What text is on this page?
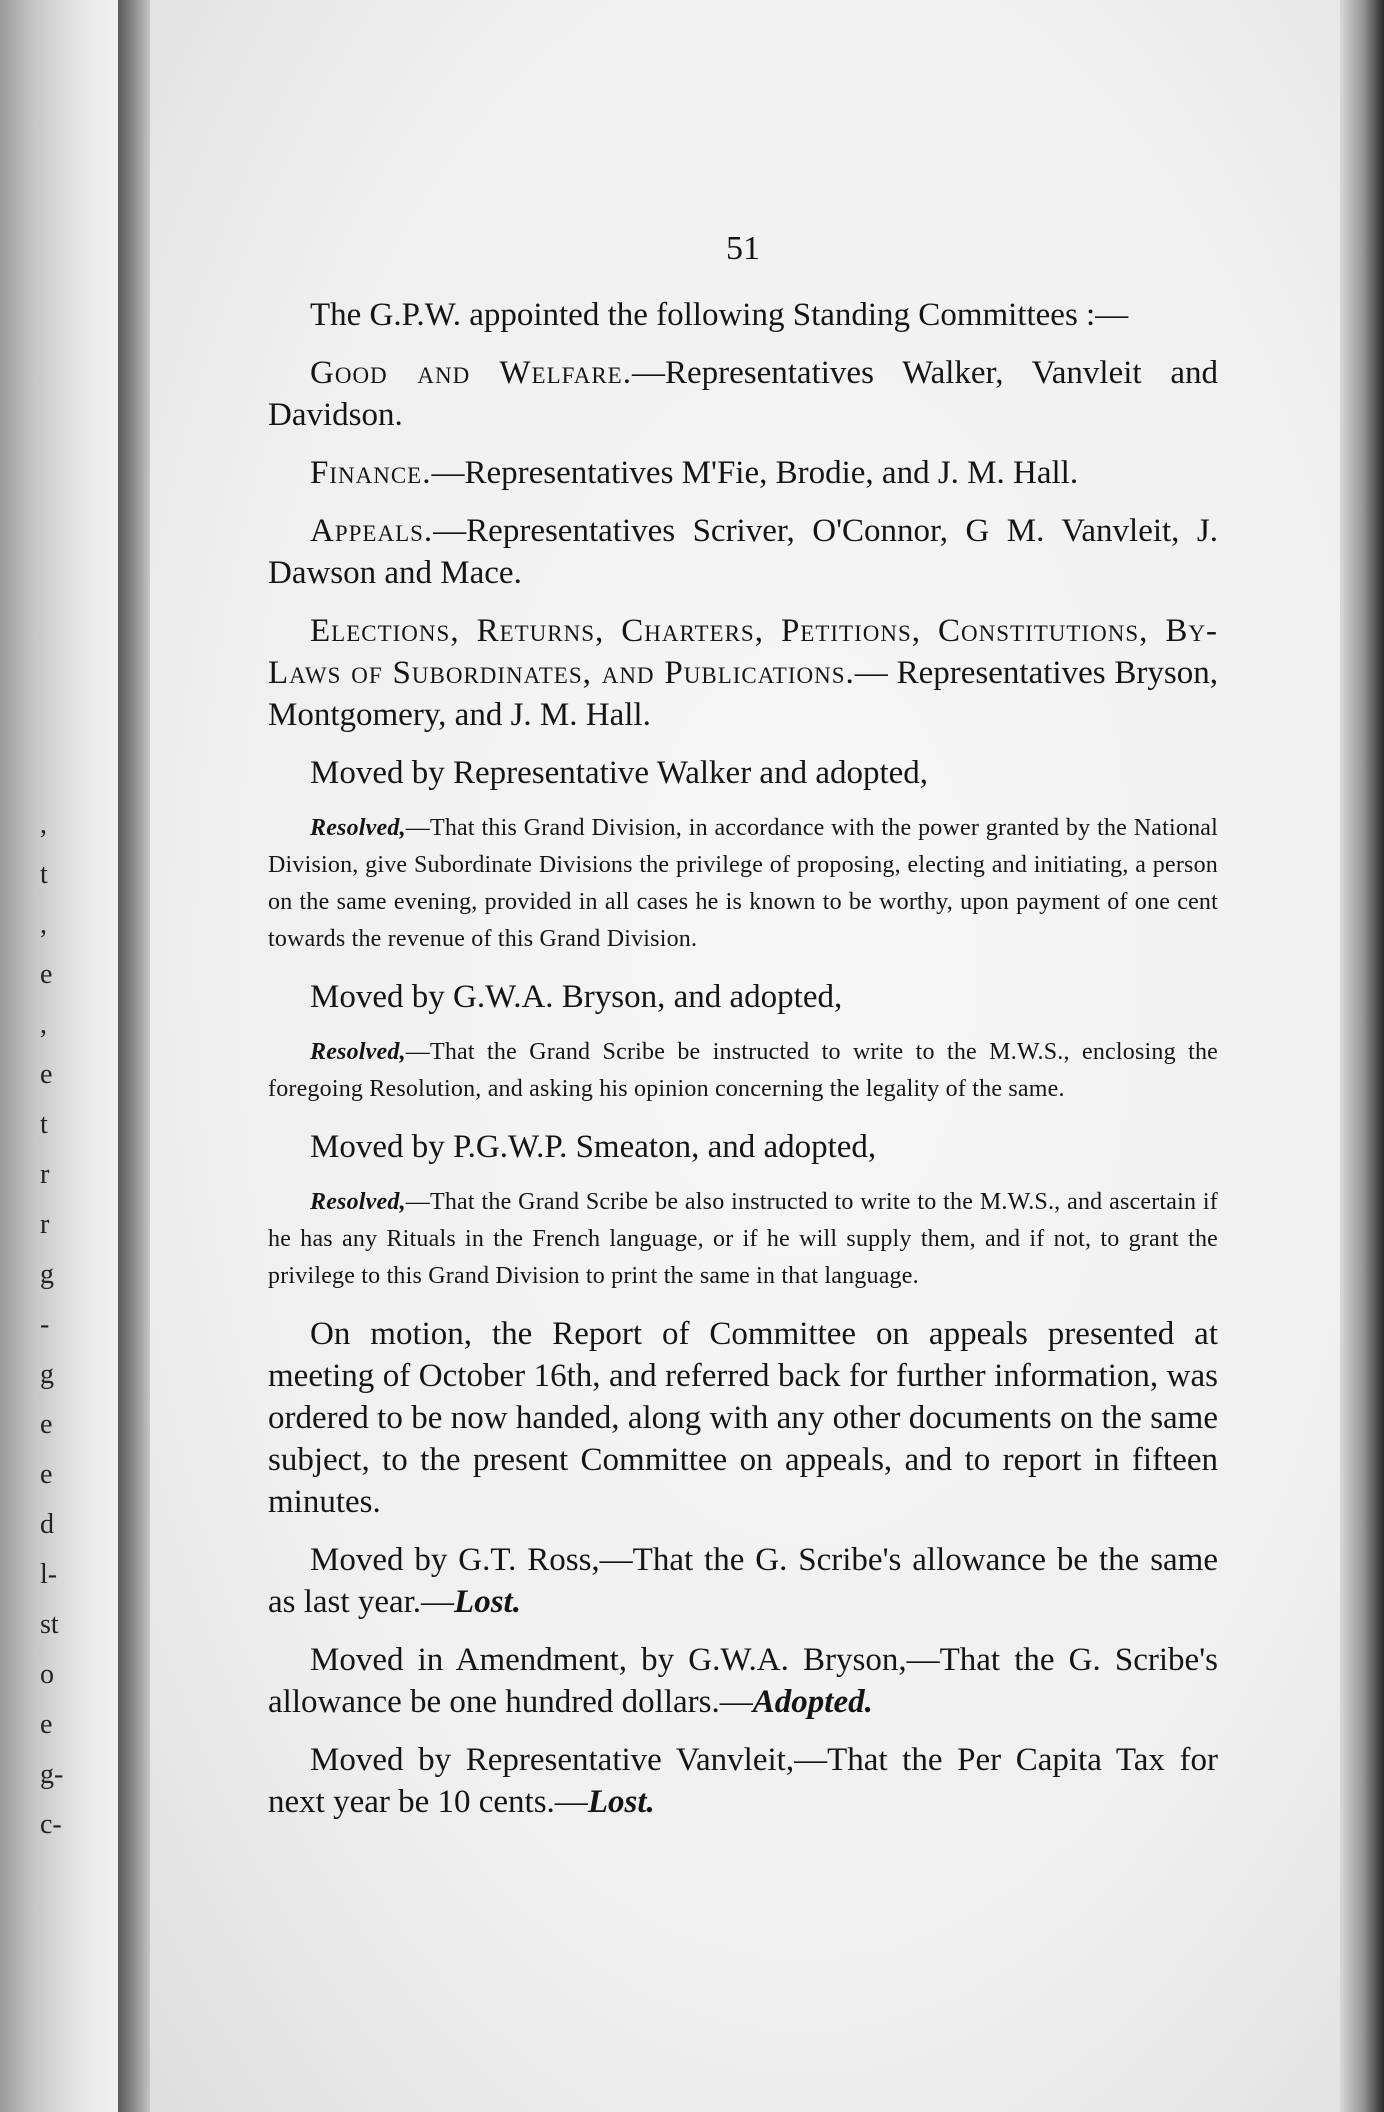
,
t
,
e
,
e
t
r
r
g
-
g
e
e
d
l-
st
o
e
g-
c-
51

The G.P.W. appointed the following Standing Committees :—

Good and Welfare.—Representatives Walker, Vanvleit and Davidson.

Finance.—Representatives M'Fie, Brodie, and J. M. Hall.

Appeals.—Representatives Scriver, O'Connor, G M. Vanvleit, J. Dawson and Mace.

Elections, Returns, Charters, Petitions, Constitutions, By-Laws of Subordinates, and Publications.— Representatives Bryson, Montgomery, and J. M. Hall.

Moved by Representative Walker and adopted,

Resolved,—That this Grand Division, in accordance with the power granted by the National Division, give Subordinate Divisions the privilege of proposing, electing and initiating, a person on the same evening, provided in all cases he is known to be worthy, upon payment of one cent towards the revenue of this Grand Division.

Moved by G.W.A. Bryson, and adopted,

Resolved,—That the Grand Scribe be instructed to write to the M.W.S., enclosing the foregoing Resolution, and asking his opinion concerning the legality of the same.

Moved by P.G.W.P. Smeaton, and adopted,

Resolved,—That the Grand Scribe be also instructed to write to the M.W.S., and ascertain if he has any Rituals in the French language, or if he will supply them, and if not, to grant the privilege to this Grand Division to print the same in that language.

On motion, the Report of Committee on appeals presented at meeting of October 16th, and referred back for further information, was ordered to be now handed, along with any other documents on the same subject, to the present Committee on appeals, and to report in fifteen minutes.

Moved by G.T. Ross,—That the G. Scribe's allowance be the same as last year.—Lost.

Moved in Amendment, by G.W.A. Bryson,—That the G. Scribe's allowance be one hundred dollars.—Adopted.

Moved by Representative Vanvleit,—That the Per Capita Tax for next year be 10 cents.—Lost.
